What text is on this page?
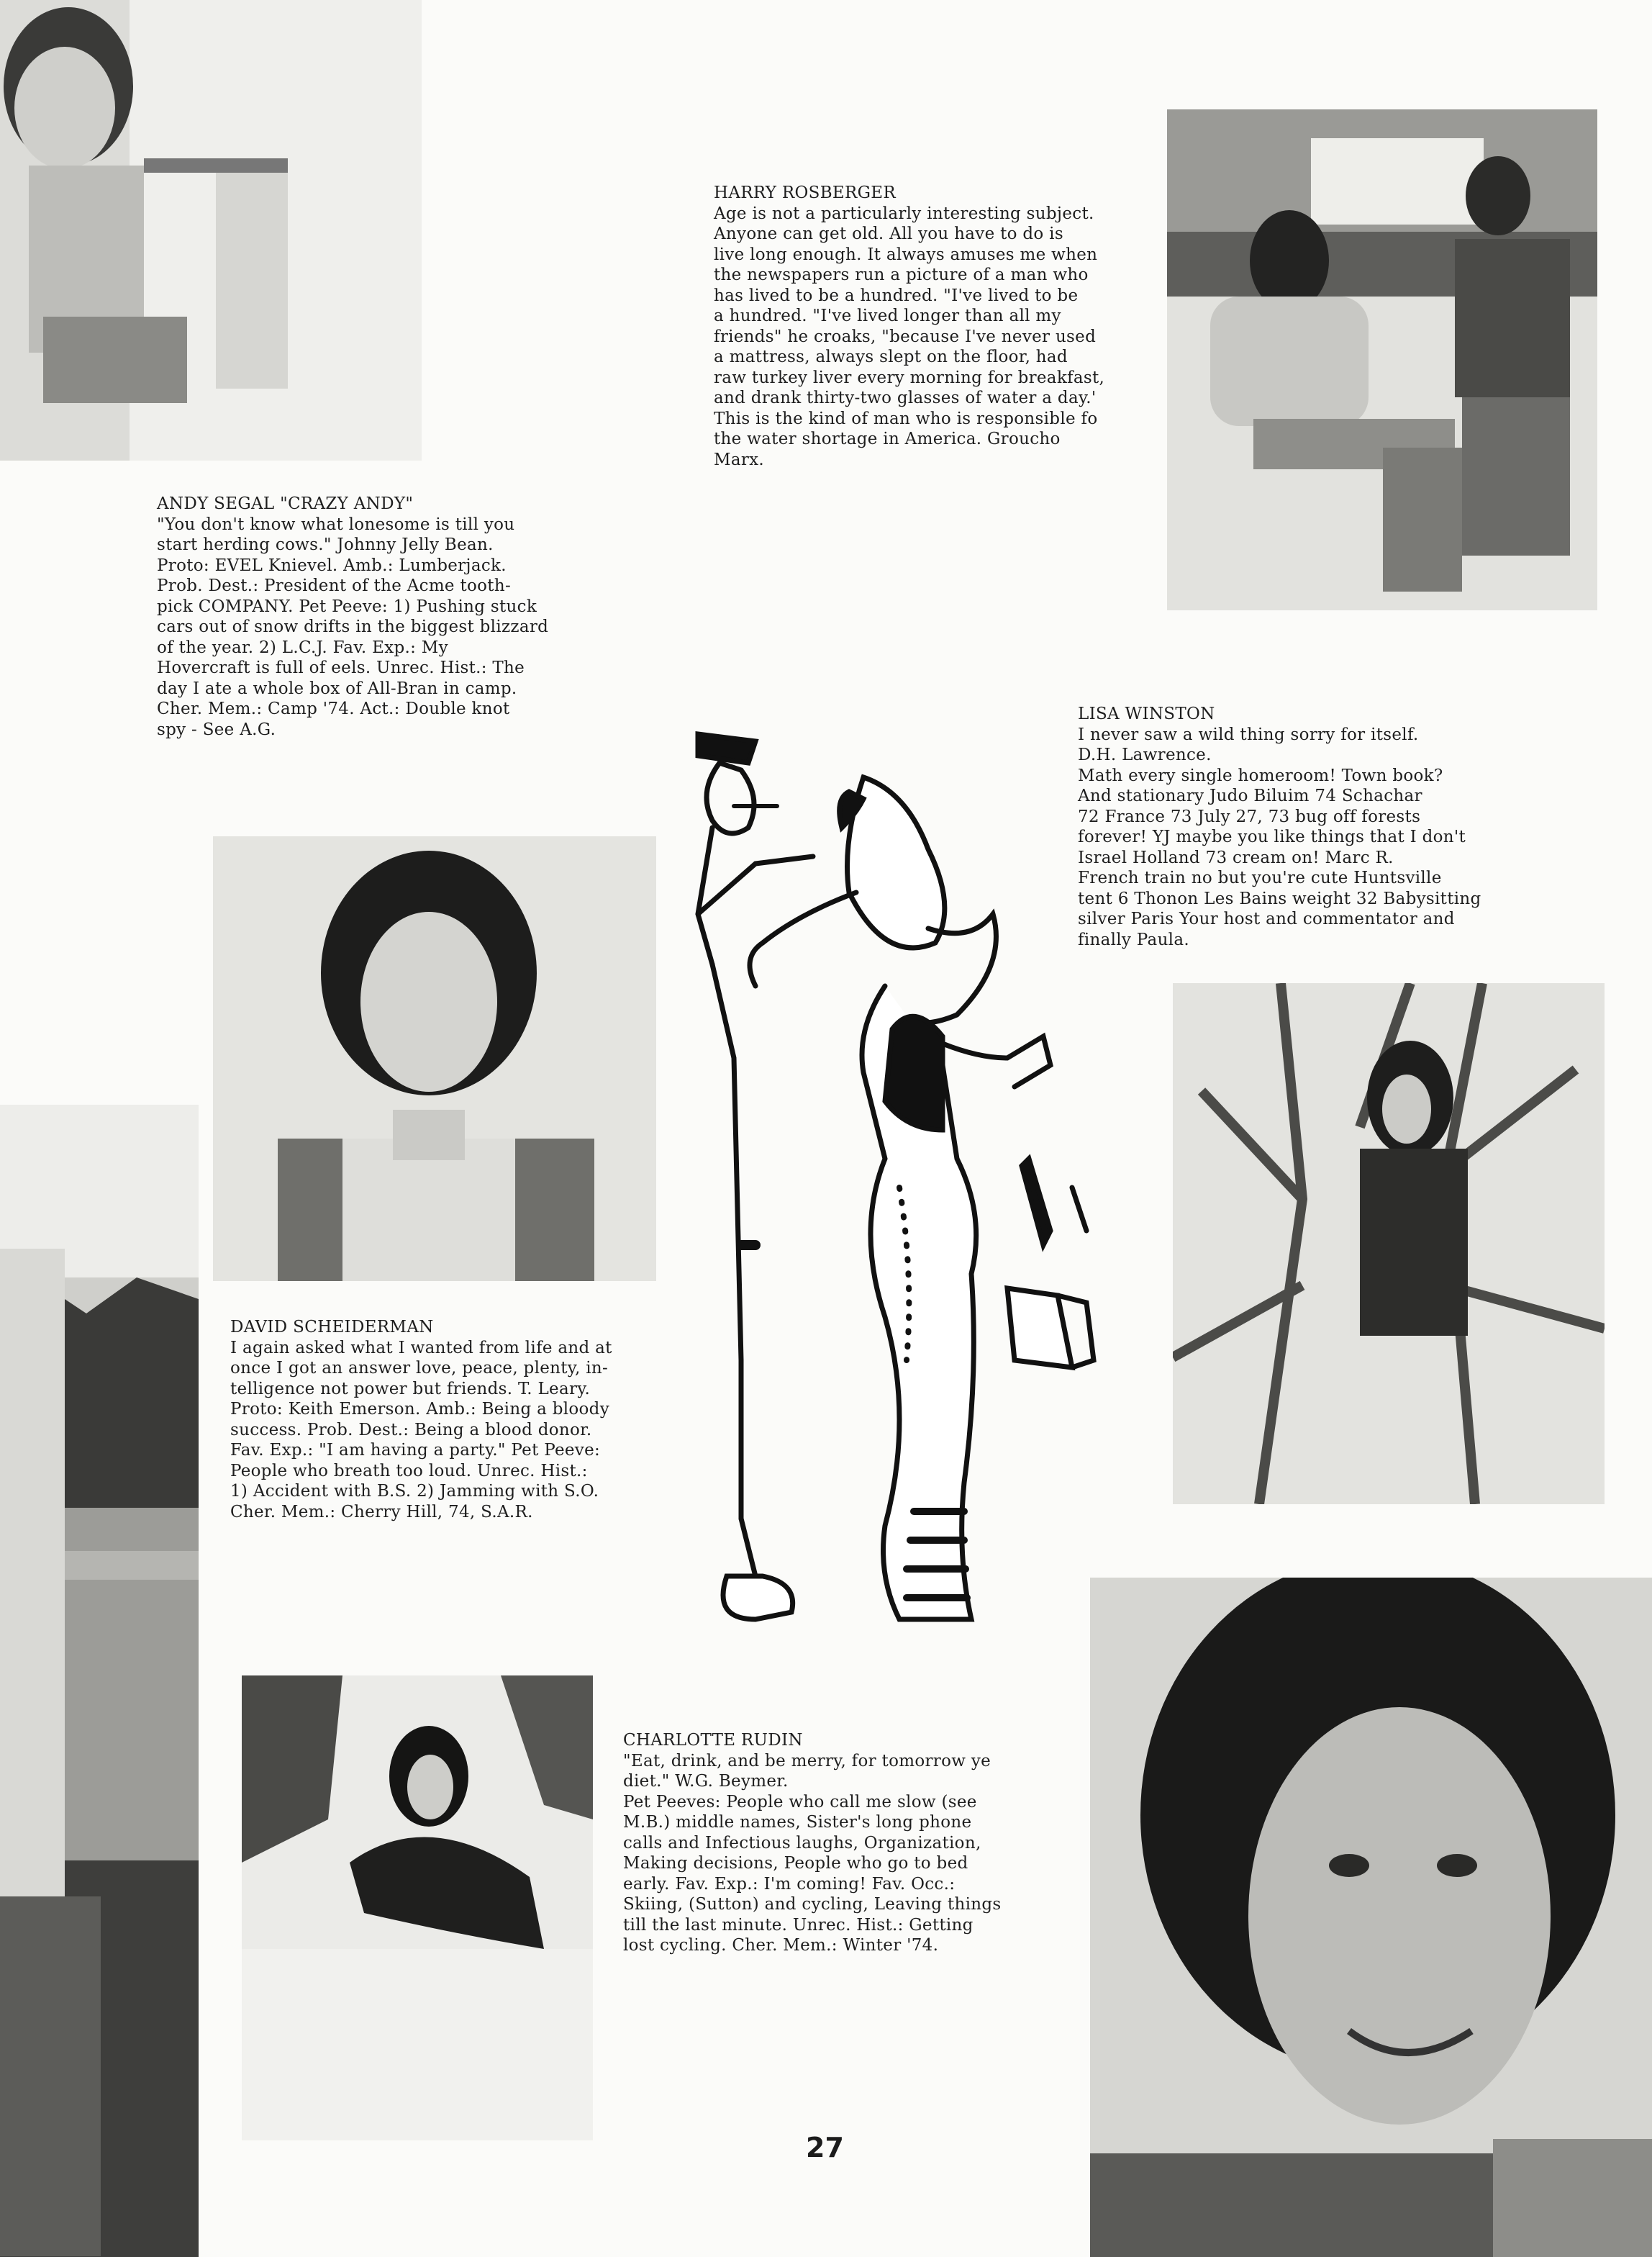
HARRY ROSBERGER
Age is not a particularly interesting subject.
Anyone can get old. All you have to do is
live long enough. It always amuses me when
the newspapers run a picture of a man who
has lived to be a hundred. "I've lived to be
a hundred. "I've lived longer than all my
friends" he croaks, "because I've never used
a mattress, always slept on the floor, had
raw turkey liver every morning for breakfast,
and drank thirty-two glasses of water a day.'
This is the kind of man who is responsible fo
the water shortage in America. Groucho
Marx.
ANDY SEGAL "CRAZY ANDY"
"You don't know what lonesome is till you
start herding cows." Johnny Jelly Bean.
Proto: EVEL Knievel. Amb.: Lumberjack.
Prob. Dest.: President of the Acme tooth-
pick COMPANY. Pet Peeve: 1) Pushing stuck
cars out of snow drifts in the biggest blizzard
of the year. 2) L.C.J. Fav. Exp.: My
Hovercraft is full of eels. Unrec. Hist.: The
day I ate a whole box of All-Bran in camp.
Cher. Mem.: Camp '74. Act.: Double knot
spy - See A.G.
LISA WINSTON
I never saw a wild thing sorry for itself.
D.H. Lawrence.
Math every single homeroom! Town book?
And stationary Judo Biluim 74 Schachar
72 France 73 July 27, 73 bug off forests
forever! YJ maybe you like things that I don't
Israel Holland 73 cream on! Marc R.
French train no but you're cute Huntsville
tent 6 Thonon Les Bains weight 32 Babysitting
silver Paris Your host and commentator and
finally Paula.
DAVID SCHEIDERMAN
I again asked what I wanted from life and at
once I got an answer love, peace, plenty, in-
telligence not power but friends. T. Leary.
Proto: Keith Emerson. Amb.: Being a bloody
success. Prob. Dest.: Being a blood donor.
Fav. Exp.: "I am having a party." Pet Peeve:
People who breath too loud. Unrec. Hist.:
1) Accident with B.S. 2) Jamming with S.O.
Cher. Mem.: Cherry Hill, 74, S.A.R.
CHARLOTTE RUDIN
"Eat, drink, and be merry, for tomorrow ye
diet." W.G. Beymer.
Pet Peeves: People who call me slow (see
M.B.) middle names, Sister's long phone
calls and Infectious laughs, Organization,
Making decisions, People who go to bed
early. Fav. Exp.: I'm coming! Fav. Occ.:
Skiing, (Sutton) and cycling, Leaving things
till the last minute. Unrec. Hist.: Getting
lost cycling. Cher. Mem.: Winter '74.
27
